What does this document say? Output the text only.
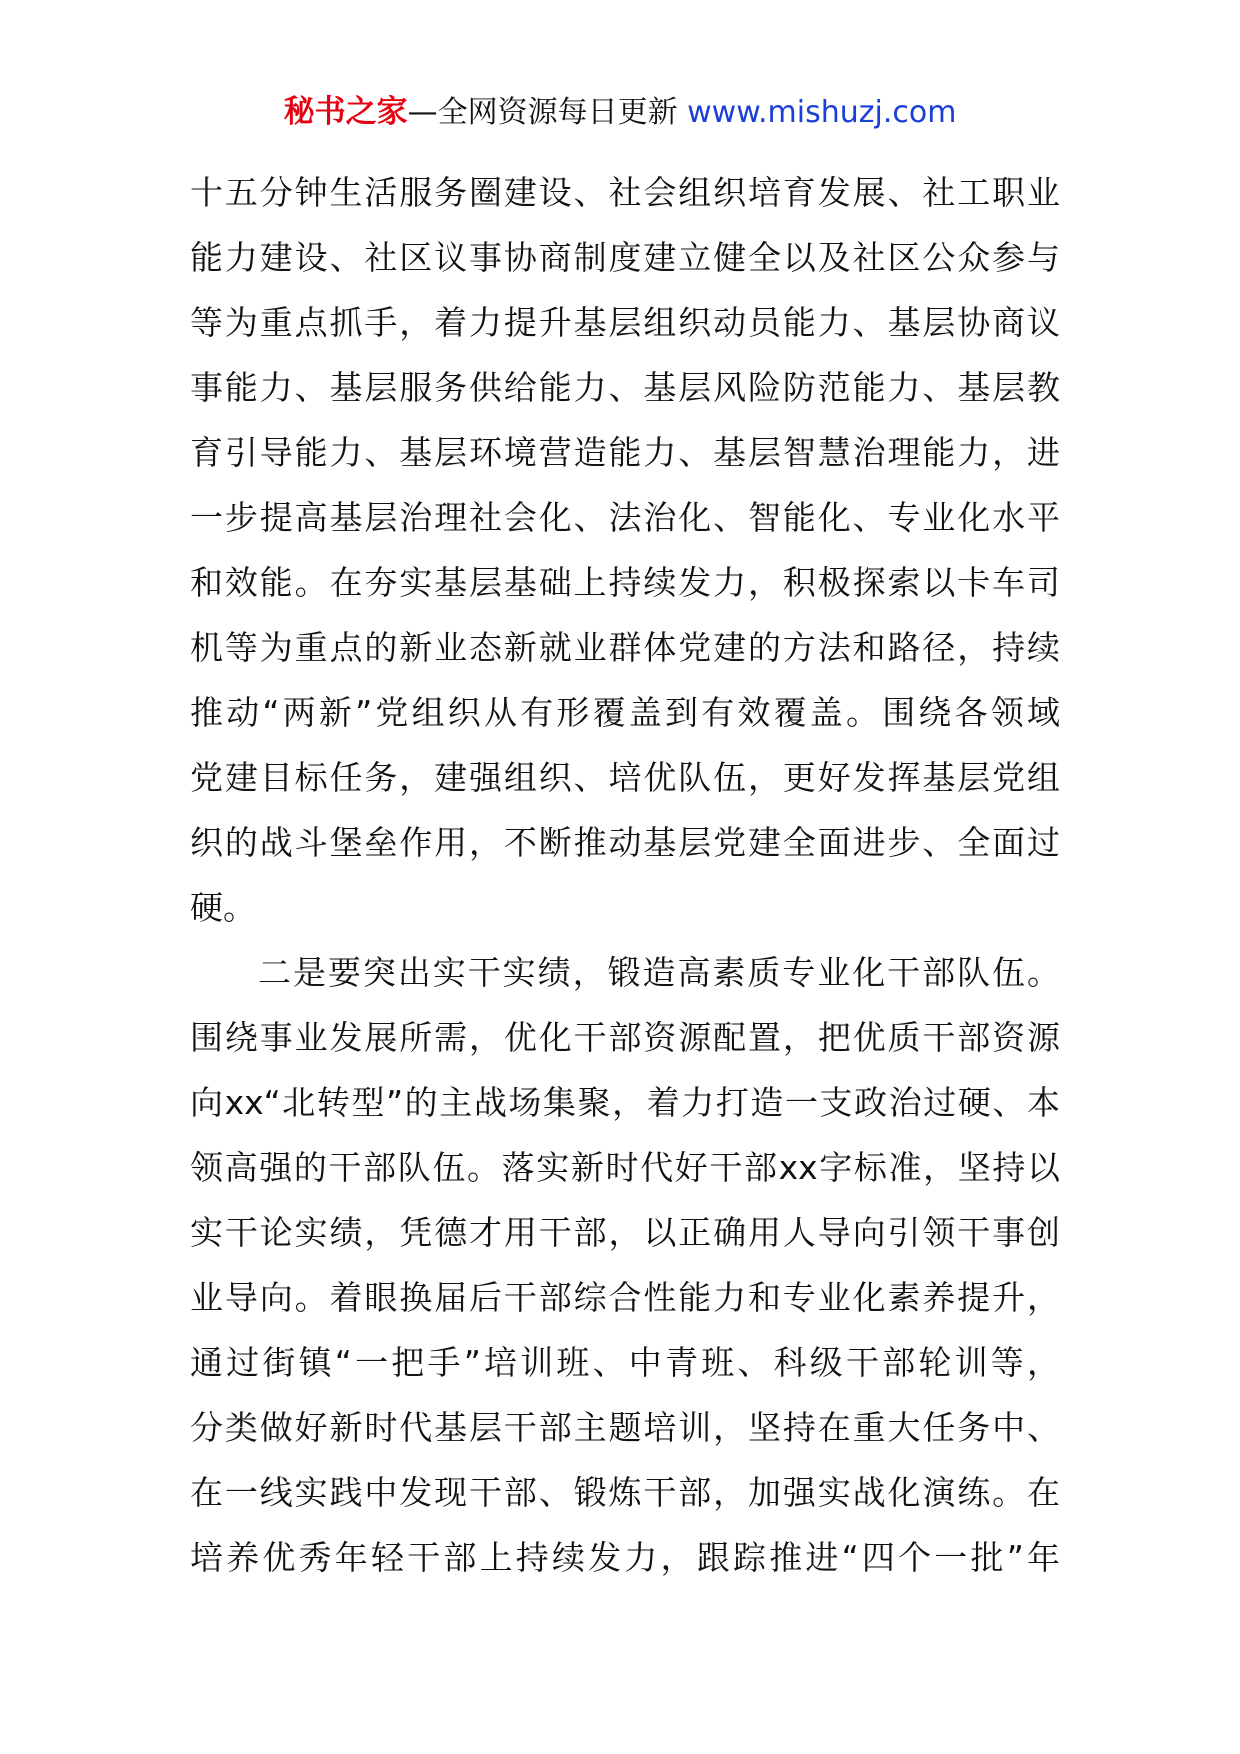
秘书之家—全网资源每日更新 www.mishuzj.com
十五分钟生活服务圈建设、社会组织培育发展、社工职业
能力建设、社区议事协商制度建立健全以及社区公众参与
等为重点抓手，着力提升基层组织动员能力、基层协商议
事能力、基层服务供给能力、基层风险防范能力、基层教
育引导能力、基层环境营造能力、基层智慧治理能力，进
一步提高基层治理社会化、法治化、智能化、专业化水平
和效能。在夯实基层基础上持续发力，积极探索以卡车司
机等为重点的新业态新就业群体党建的方法和路径，持续
推动“两新”党组织从有形覆盖到有效覆盖。围绕各领域
党建目标任务，建强组织、培优队伍，更好发挥基层党组
织的战斗堡垒作用，不断推动基层党建全面进步、全面过
硬。
二是要突出实干实绩，锻造高素质专业化干部队伍。
围绕事业发展所需，优化干部资源配置，把优质干部资源
向xx“北转型”的主战场集聚，着力打造一支政治过硬、本
领高强的干部队伍。落实新时代好干部xx字标准，坚持以
实干论实绩，凭德才用干部，以正确用人导向引领干事创
业导向。着眼换届后干部综合性能力和专业化素养提升，
通过街镇“一把手”培训班、中青班、科级干部轮训等，
分类做好新时代基层干部主题培训，坚持在重大任务中、
在一线实践中发现干部、锻炼干部，加强实战化演练。在
培养优秀年轻干部上持续发力，跟踪推进“四个一批”年
